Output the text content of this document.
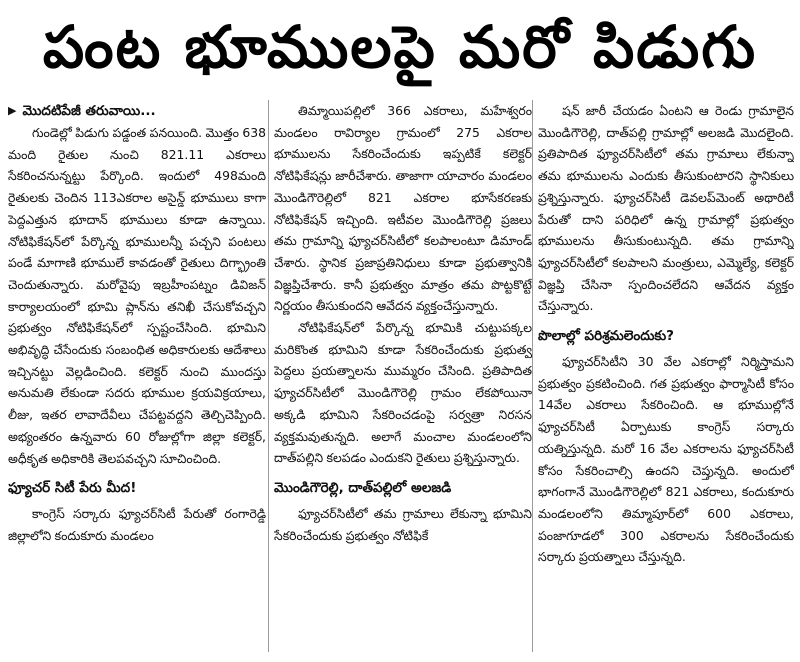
పంట భూములపై మరో పిడుగు

▶ మొదటిపేజీ తరువాయి...

గుండెల్లో పిడుగు పడ్డంత పనయింది. మొత్తం 638 మంది రైతుల నుంచి 821.11 ఎకరాలు సేకరించనున్నట్టు పేర్కొంది. ఇందులో 498మంది రైతులకు చెందిన 113ఎకరాల అసైన్డ్ భూములు కాగా పెద్దఎత్తున భూదాన్ భూములు కూడా ఉన్నాయి. నోటిఫికేషన్‌లో పేర్కొన్న భూములన్నీ పచ్చని పంటలు పండే మాగాణి భూములే కావడంతో రైతులు దిగ్భ్రాంతి చెందుతున్నారు. మరోవైపు ఇబ్రహీంపట్నం డివిజన్ కార్యాలయంలో భూమి ప్లాన్‌ను తనిఖీ చేసుకోవచ్చని ప్రభుత్వం నోటిఫికేషన్‌లో స్పష్టంచేసింది. భూమిని అభివృద్ధి చేసేందుకు సంబంధిత అధికారులకు ఆదేశాలు ఇచ్చినట్టు వెల్లడించింది. కలెక్టర్ నుంచి ముందస్తు అనుమతి లేకుండా సదరు భూముల క్రయవిక్రయాలు, లీజు, ఇతర లావాదేవీలు చేపట్టవద్దని తెల్చిచెప్పింది. అభ్యంతరం ఉన్నవారు 60 రోజుల్లోగా జిల్లా కలెక్టర్, అధీకృత అధికారికి తెలపవచ్చని సూచించింది.

ఫ్యూచర్ సిటీ పేరు మీద!

కాంగ్రెస్ సర్కారు ఫ్యూచర్‌సిటీ పేరుతో రంగారెడ్డి జిల్లాలోని కందుకూరు మండలం

తిమ్మాయిపల్లిలో 366 ఎకరాలు, మహేశ్వరం మండలం రావిర్యాల గ్రామంలో 275 ఎకరాల భూములను సేకరించేందుకు ఇప్పటికే కలెక్టర్ నోటిఫికేషన్లు జారీచేశారు. తాజాగా యాచారం మండలం మొండిగౌరెల్లిలో 821 ఎకరాల భూసేకరణకు నోటిఫికేషన్ ఇచ్చింది. ఇటీవల మొండిగౌరెల్లి ప్రజలు తమ గ్రామాన్ని ఫ్యూచర్‌సిటీలో కలపాలంటూ డిమాండ్ చేశారు. స్థానిక ప్రజాప్రతినిధులు కూడా ప్రభుత్వానికి విజ్ఞప్తిచేశారు. కానీ ప్రభుత్వం మాత్రం తమ పొట్టకొట్టే నిర్ణయం తీసుకుందని ఆవేదన వ్యక్తంచేస్తున్నారు.

నోటిఫికేషన్‌లో పేర్కొన్న భూమికి చుట్టుపక్కల మరికొంత భూమిని కూడా సేకరించేందుకు ప్రభుత్వ పెద్దలు ప్రయత్నాలను ముమ్మరం చేసింది. ప్రతిపాదిత ఫ్యూచర్‌సిటీలో మొండిగౌరెల్లి గ్రామం లేకపోయినా అక్కడి భూమిని సేకరించడంపై సర్వత్రా నిరసన వ్యక్తమవుతున్నది. అలాగే మంచాల మండలంలోని దాత్‌పల్లిని కలపడం ఎందుకని రైతులు ప్రశ్నిస్తున్నారు.

మొండిగౌరెల్లి, దాత్‌పల్లిలో అలజడి

ఫ్యూచర్‌సిటీలో తమ గ్రామాలు లేకున్నా భూమిని సేకరించేందుకు ప్రభుత్వం నోటిఫికే

షన్ జారీ చేయడం ఏంటని ఆ రెండు గ్రామాలైన మొండిగౌరెల్లి, దాత్‌పల్లి గ్రామాల్లో అలజడి మొదలైంది. ప్రతిపాదిత ఫ్యూచర్‌సిటీలో తమ గ్రామాలు లేకున్నా తమ భూములను ఎందుకు తీసుకుంటారని స్థానికులు ప్రశ్నిస్తున్నారు. ఫ్యూచర్‌సిటీ డెవలప్‌మెంట్ అథారిటీ పేరుతో దాని పరిధిలో ఉన్న గ్రామాల్లో ప్రభుత్వం భూములను తీసుకుంటున్నది. తమ గ్రామాన్ని ఫ్యూచర్‌సిటీలో కలపాలని మంత్రులు, ఎమ్మెల్యే, కలెక్టర్ విజ్ఞప్తి చేసినా స్పందించలేదని ఆవేదన వ్యక్తం చేస్తున్నారు.

పొలాల్లో పరిశ్రమలెందుకు?

ఫ్యూచర్‌సిటీని 30 వేల ఎకరాల్లో నిర్మిస్తామని ప్రభుత్వం ప్రకటించింది. గత ప్రభుత్వం ఫార్మాసిటీ కోసం 14వేల ఎకరాలు సేకరించింది. ఆ భూముల్లోనే ఫ్యూచర్‌సిటీ ఏర్పాటుకు కాంగ్రెస్ సర్కారు యత్నిస్తున్నది. మరో 16 వేల ఎకరాలను ఫ్యూచర్‌సిటీ కోసం సేకరించాల్సి ఉందని చెప్తున్నది. అందులో భాగంగానే మొండిగౌరెల్లిలో 821 ఎకరాలు, కందుకూరు మండలంలోని తిమ్మాపూర్‌లో 600 ఎకరాలు, పంజాగూడలో 300 ఎకరాలను సేకరించేందుకు సర్కారు ప్రయత్నాలు చేస్తున్నది.
